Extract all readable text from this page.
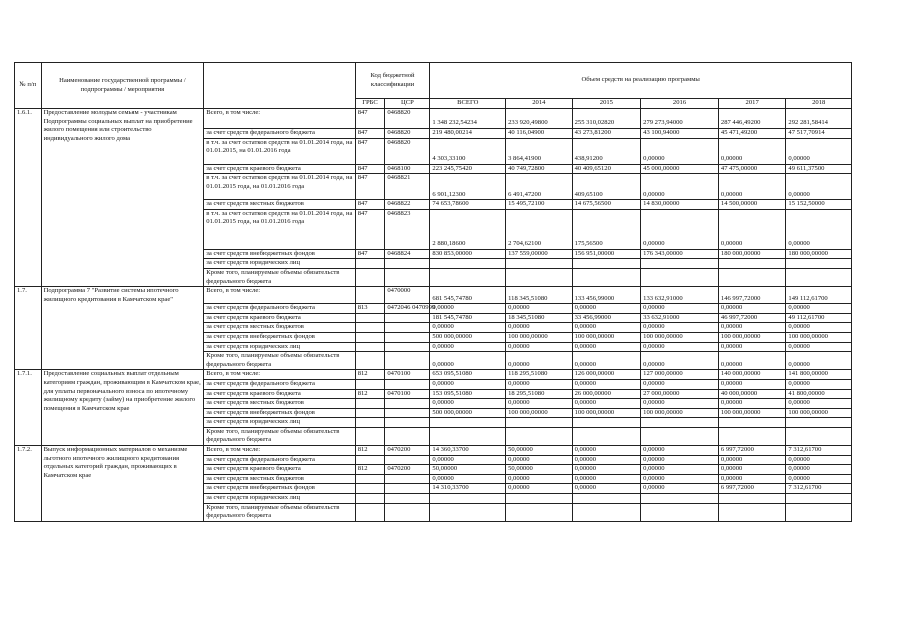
№ п/п	Наименование государственной программы / подпрограммы / мероприятия		Код бюджетной классификации		Объем средств на реализацию программы					
			ГРБС	ЦСР	ВСЕГО	2014	2015	2016	2017	2018
1.6.1.	Предоставление молодым семьям - участникам Подпрограммы социальных выплат на приобретение жилого помещения или строительство индивидуального жилого дома	Всего, в том числе:	847	0468820	1 348 232,54234	233 920,49800	255 310,02820	279 273,94000	287 446,49200	292 281,58414
		за счет средств федерального бюджета	847	0468820	219 480,00214	40 116,04900	43 273,81200	43 100,94000	45 471,49200	47 517,70914
		в т.ч. за счет остатков средств на 01.01.2014 года, на 01.01.2015, на 01.01.2016 года	847	0468820	4 303,33100	3 864,41900	438,91200	0,00000	0,00000	0,00000
		за счет средств краевого бюджета	847	0468100	223 245,75420	40 749,72800	40 409,65120	45 000,00000	47 475,00000	49 611,37500
		в т.ч. за счет остатков средств на 01.01.2014 года, на 01.01.2015 года, на 01.01.2016 года	847	0468821	6 901,12300	6 491,47200	409,65100	0,00000	0,00000	0,00000
		за счет средств местных бюджетов	847	0468822	74 653,78600	15 495,72100	14 675,56500	14 830,00000	14 500,00000	15 152,50000
		в т.ч. за счет остатков средств на 01.01.2014 года, на 01.01.2015 года, на 01.01.2016 года	847	0468823	2 880,18600	2 704,62100	175,56500	0,00000	0,00000	0,00000
		за счет средств внебюджетных фондов	847	0468824	830 853,00000	137 559,00000	156 951,00000	176 343,00000	180 000,00000	180 000,00000
		за счет средств юридических лиц								
		Кроме того, планируемые объемы обязательств федерального бюджета								
1.7.	Подпрограмма 7 "Развитие системы ипотечного жилищного кредитования в Камчатском крае"	Всего, в том числе:		0470000	681 545,74780	118 345,51080	133 456,99000	133 632,91000	146 997,72000	149 112,61700
		за счет средств федерального бюджета	813	0472046 0470999	0,00000	0,00000	0,00000	0,00000	0,00000	0,00000
		за счет средств краевого бюджета			181 545,74780	18 345,51080	33 456,99000	33 632,91000	46 997,72000	49 112,61700
		за счет средств местных бюджетов			0,00000	0,00000	0,00000	0,00000	0,00000	0,00000
		за счет средств внебюджетных фондов			500 000,00000	100 000,00000	100 000,00000	100 000,00000	100 000,00000	100 000,00000
		за счет средств юридических лиц			0,00000	0,00000	0,00000	0,00000	0,00000	0,00000
		Кроме того, планируемые объемы обязательств федерального бюджета			0,00000	0,00000	0,00000	0,00000	0,00000	0,00000
1.7.1.	Предоставление социальных выплат отдельным категориям граждан, проживающим в Камчатском крае, для уплаты первоначального взноса по ипотечному жилищному кредиту (займу) на приобретение жилого помещения в Камчатском крае	Всего, в том числе:	812	0470100	653 095,51080	118 295,51080	126 000,00000	127 000,00000	140 000,00000	141 800,00000
		за счет средств федерального бюджета			0,00000	0,00000	0,00000	0,00000	0,00000	0,00000
		за счет средств краевого бюджета	812	0470100	153 095,51080	18 295,51080	26 000,00000	27 000,00000	40 000,00000	41 800,00000
		за счет средств местных бюджетов			0,00000	0,00000	0,00000	0,00000	0,00000	0,00000
		за счет средств внебюджетных фондов			500 000,00000	100 000,00000	100 000,00000	100 000,00000	100 000,00000	100 000,00000
		за счет средств юридических лиц								
		Кроме того, планируемые объемы обязательств федерального бюджета								
1.7.2.	Выпуск информационных материалов о механизме льготного ипотечного жилищного кредитования отдельных категорий граждан, проживающих в Камчатском крае	Всего, в том числе:	812	0470200	14 360,33700	50,00000	0,00000	0,00000	6 997,72000	7 312,61700
		за счет средств федерального бюджета			0,00000	0,00000	0,00000	0,00000	0,00000	0,00000
		за счет средств краевого бюджета	812	0470200	50,00000	50,00000	0,00000	0,00000	0,00000	0,00000
		за счет средств местных бюджетов			0,00000	0,00000	0,00000	0,00000	0,00000	0,00000
		за счет средств внебюджетных фондов			14 310,33700	0,00000	0,00000	0,00000	6 997,72000	7 312,61700
		за счет средств юридических лиц								
		Кроме того, планируемые объемы обязательств федерального бюджета								
